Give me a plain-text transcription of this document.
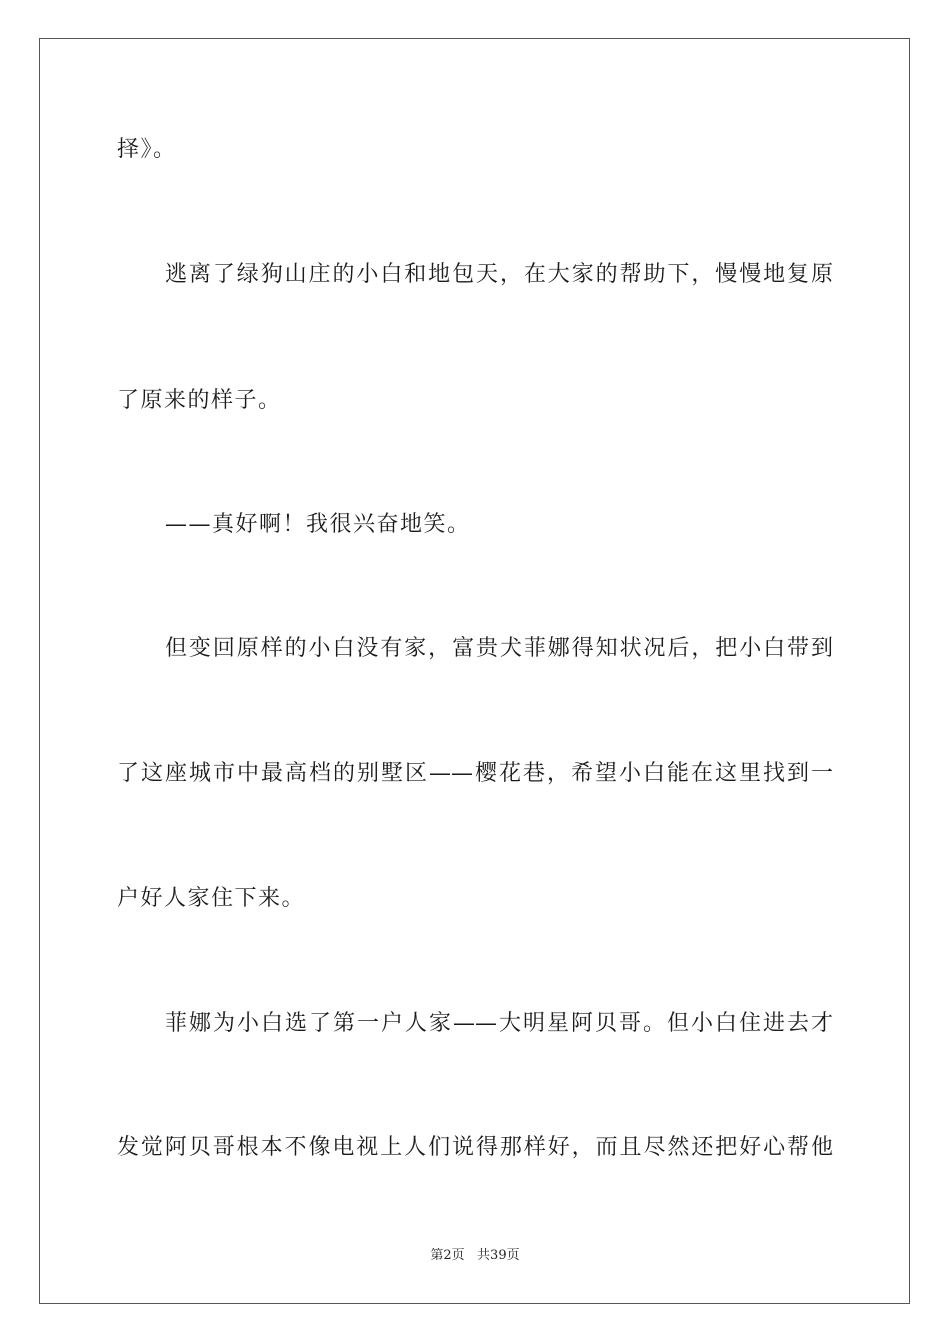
择》。
逃离了绿狗山庄的小白和地包天，在大家的帮助下，慢慢地复原
了原来的样子。
——真好啊！我很兴奋地笑。
但变回原样的小白没有家，富贵犬菲娜得知状况后，把小白带到
了这座城市中最高档的别墅区——樱花巷，希望小白能在这里找到一
户好人家住下来。
菲娜为小白选了第一户人家——大明星阿贝哥。但小白住进去才
发觉阿贝哥根本不像电视上人们说得那样好，而且尽然还把好心帮他
第2页   共39页
